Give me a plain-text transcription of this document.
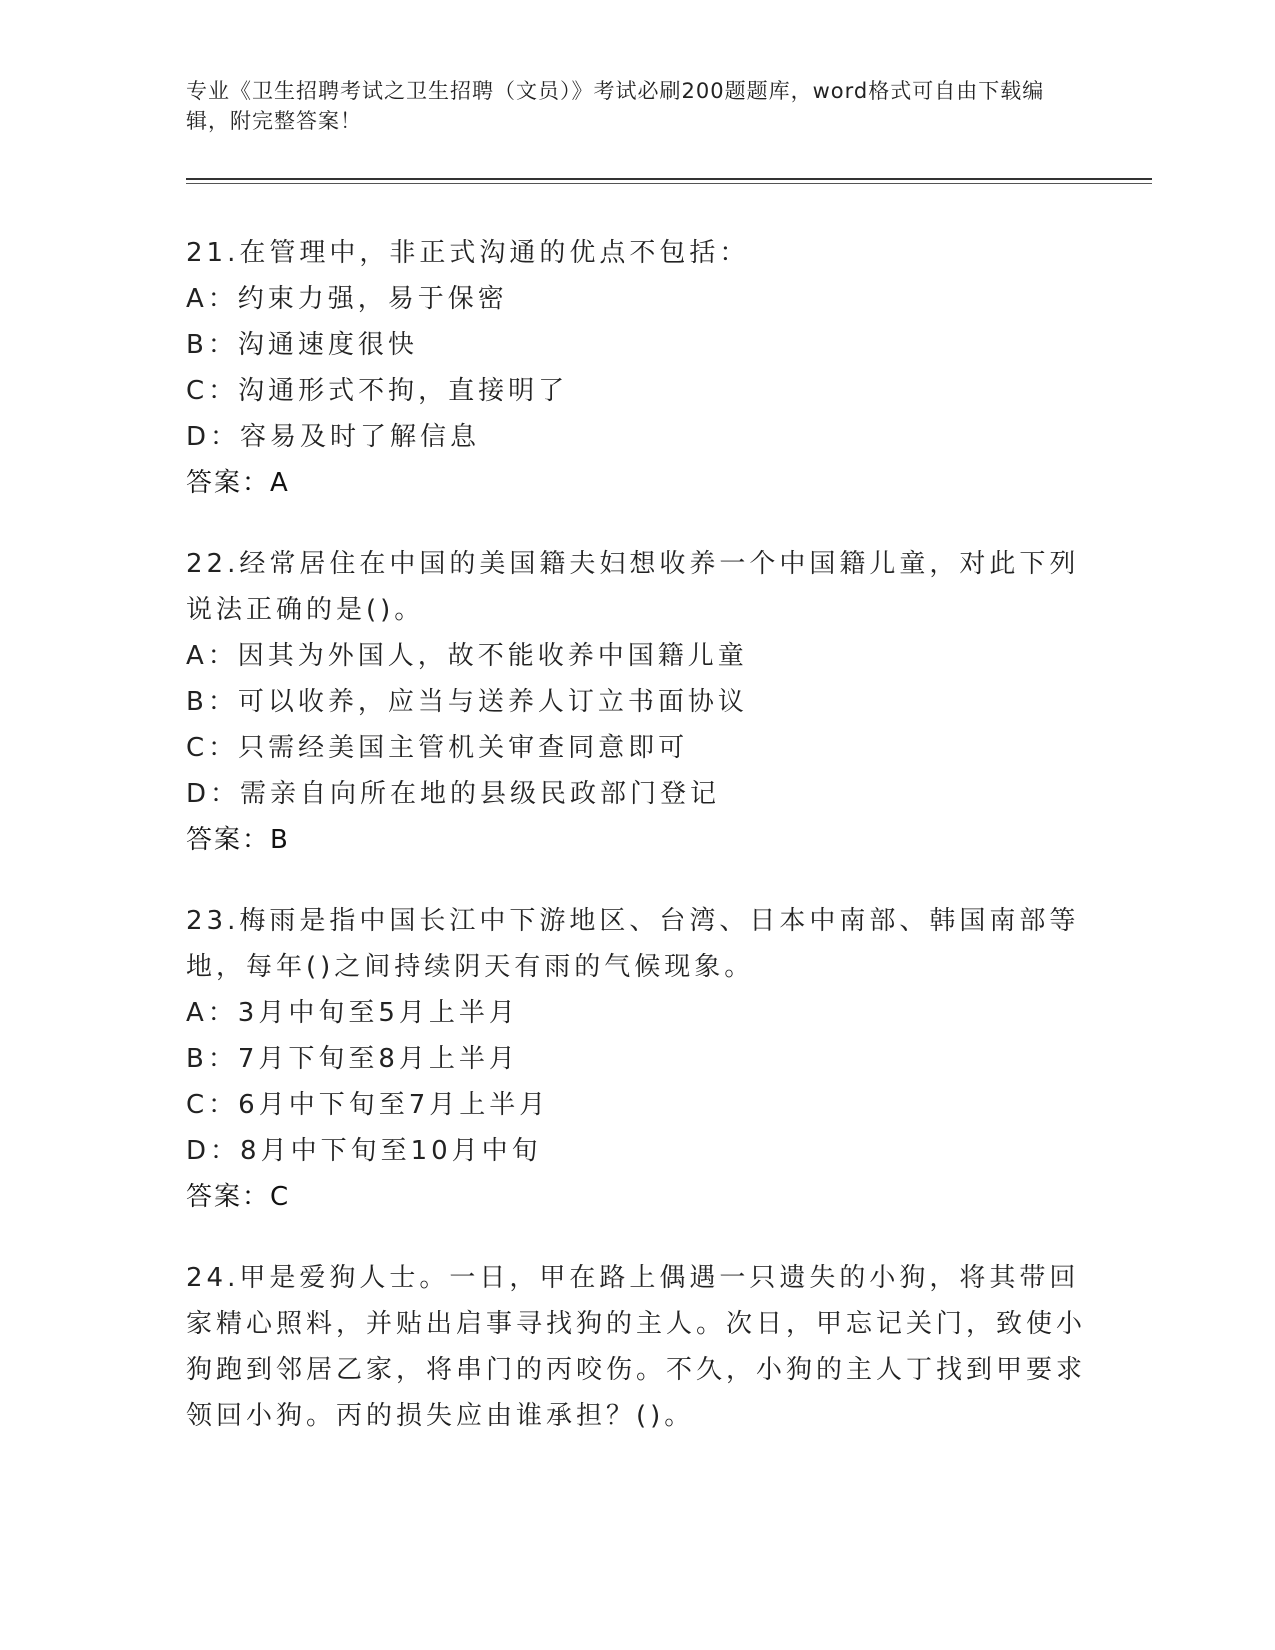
专业《卫生招聘考试之卫生招聘（文员）》考试必刷200题题库，word格式可自由下载编辑，附完整答案！
21.在管理中，非正式沟通的优点不包括：
A：约束力强，易于保密
B：沟通速度很快
C：沟通形式不拘，直接明了
D：容易及时了解信息
答案：A
22.经常居住在中国的美国籍夫妇想收养一个中国籍儿童，对此下列说法正确的是()。
A：因其为外国人，故不能收养中国籍儿童
B：可以收养，应当与送养人订立书面协议
C：只需经美国主管机关审查同意即可
D：需亲自向所在地的县级民政部门登记
答案：B
23.梅雨是指中国长江中下游地区、台湾、日本中南部、韩国南部等地，每年()之间持续阴天有雨的气候现象。
A：3月中旬至5月上半月
B：7月下旬至8月上半月
C：6月中下旬至7月上半月
D：8月中下旬至10月中旬
答案：C
24.甲是爱狗人士。一日，甲在路上偶遇一只遗失的小狗，将其带回家精心照料，并贴出启事寻找狗的主人。次日，甲忘记关门，致使小狗跑到邻居乙家，将串门的丙咬伤。不久，小狗的主人丁找到甲要求领回小狗。丙的损失应由谁承担？()。
